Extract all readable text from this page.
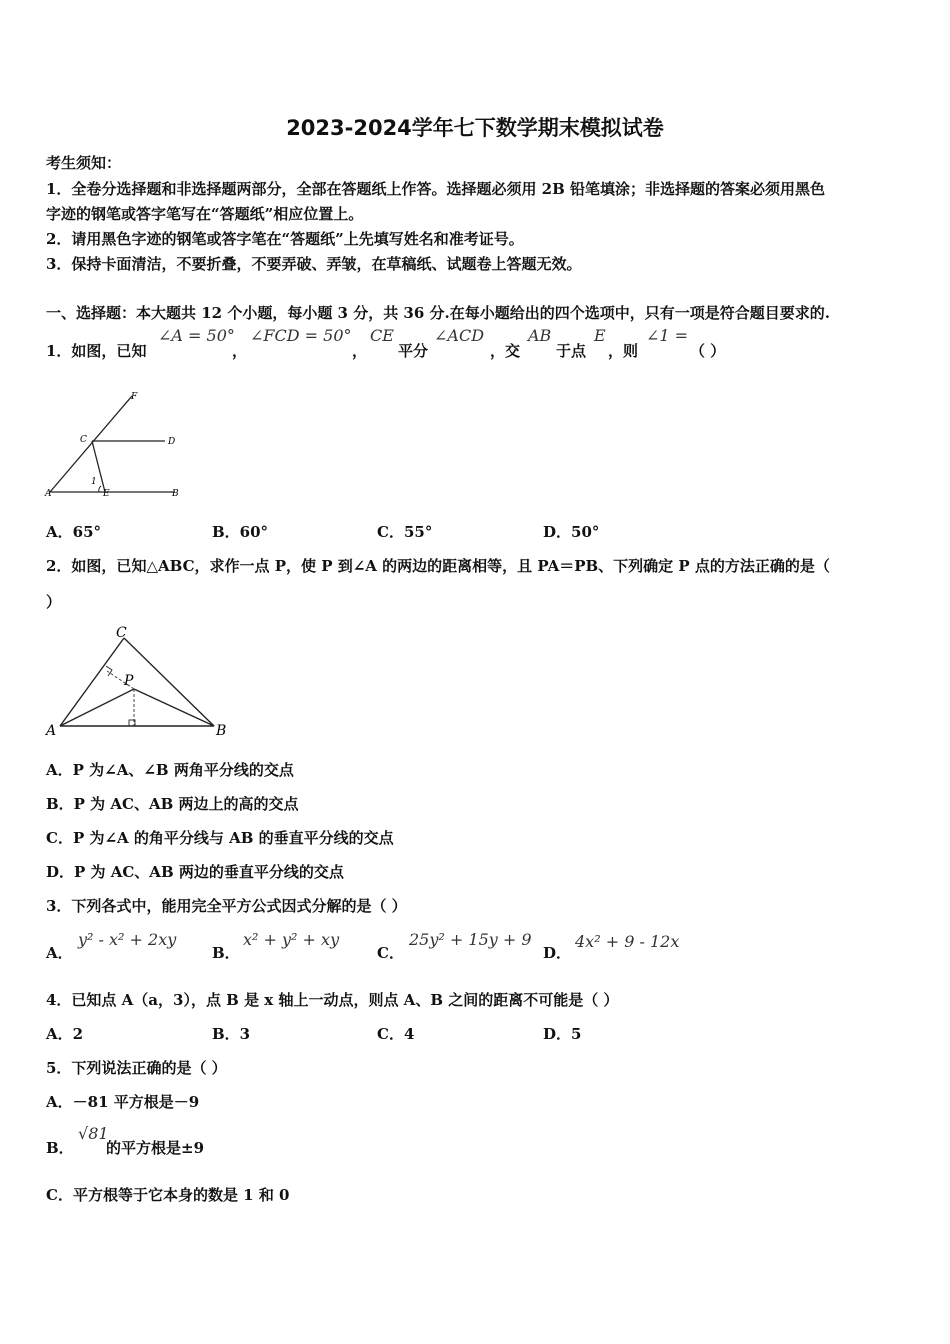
2023-2024学年七下数学期末模拟试卷
考生须知：
1．全卷分选择题和非选择题两部分，全部在答题纸上作答。选择题必须用 2B 铅笔填涂；非选择题的答案必须用黑色
字迹的钢笔或答字笔写在“答题纸”相应位置上。
2．请用黑色字迹的钢笔或答字笔在“答题纸”上先填写姓名和准考证号。
3．保持卡面清洁，不要折叠，不要弄破、弄皱，在草稿纸、试题卷上答题无效。
一、选择题：本大题共 12 个小题，每小题 3 分，共 36 分.在每小题给出的四个选项中，只有一项是符合题目要求的.
1．如图，已知
∠A = 50°
，
∠FCD = 50°
，
CE
平分
∠ACD
，交
AB
于点
E
，则
∠1 =
（ ）
F
C	D
A	E	B
1
A．65°	B．60°	C．55°	D．50°
2．如图，已知△ABC，求作一点 P，使 P 到∠A 的两边的距离相等，且 PA＝PB、下列确定 P 点的方法正确的是（
）
C
P
A	B
A．P 为∠A、∠B 两角平分线的交点
B．P 为 AC、AB 两边上的高的交点
C．P 为∠A 的角平分线与 AB 的垂直平分线的交点
D．P 为 AC、AB 两边的垂直平分线的交点
3．下列各式中，能用完全平方公式因式分解的是（ ）
A．
y² - x² + 2xy
B．
x² + y² + xy
C．
25y² + 15y + 9
D．
4x² + 9 - 12x
4．已知点 A（a，3），点 B 是 x 轴上一动点，则点 A、B 之间的距离不可能是（ ）
A．2	B．3	C．4	D．5
5．下列说法正确的是（ ）
A．－81 平方根是－9
B．
√81
的平方根是±9
C．平方根等于它本身的数是 1 和 0
